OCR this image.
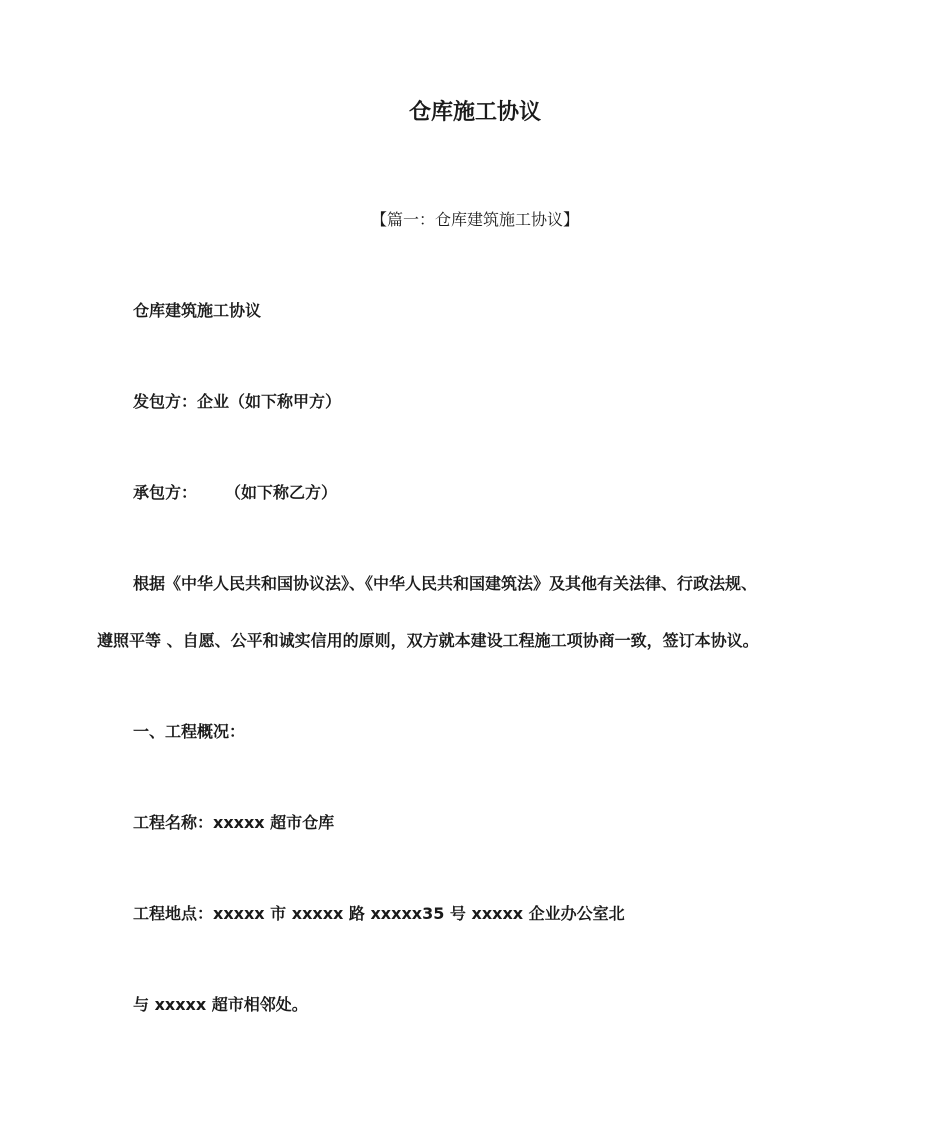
仓库施工协议
【篇一：仓库建筑施工协议】
仓库建筑施工协议
发包方：企业（如下称甲方）
承包方： （如下称乙方）
根据《中华人民共和国协议法》、《中华人民共和国建筑法》及其他有关法律、行政法规、
遵照平等 、自愿、公平和诚实信用的原则，双方就本建设工程施工项协商一致，签订本协议。
一、工程概况：
工程名称：xxxxx 超市仓库
工程地点：xxxxx 市 xxxxx 路 xxxxx35 号 xxxxx 企业办公室北
与 xxxxx 超市相邻处。
